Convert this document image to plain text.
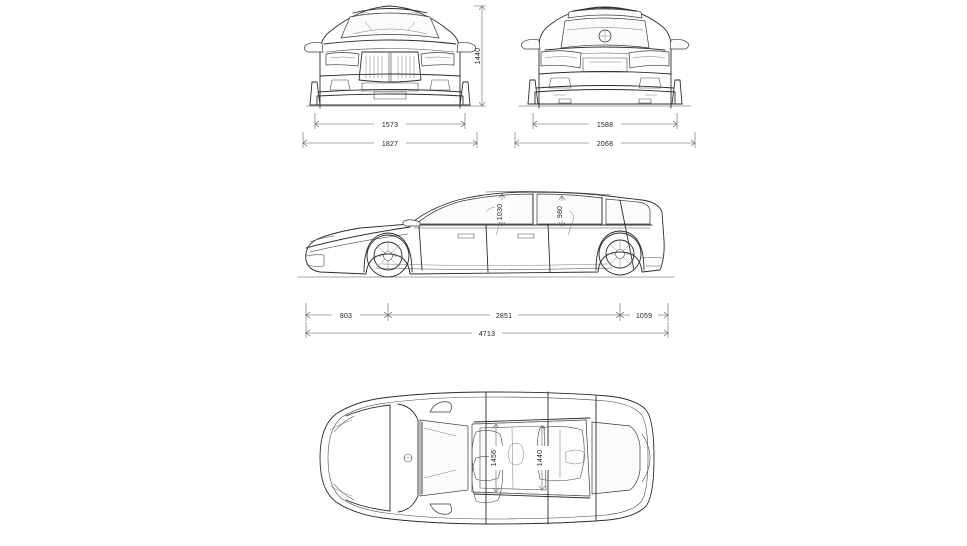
1440
1573
1827
1588
2068
1030	980
803	2851	1059
4713
1456	1440
